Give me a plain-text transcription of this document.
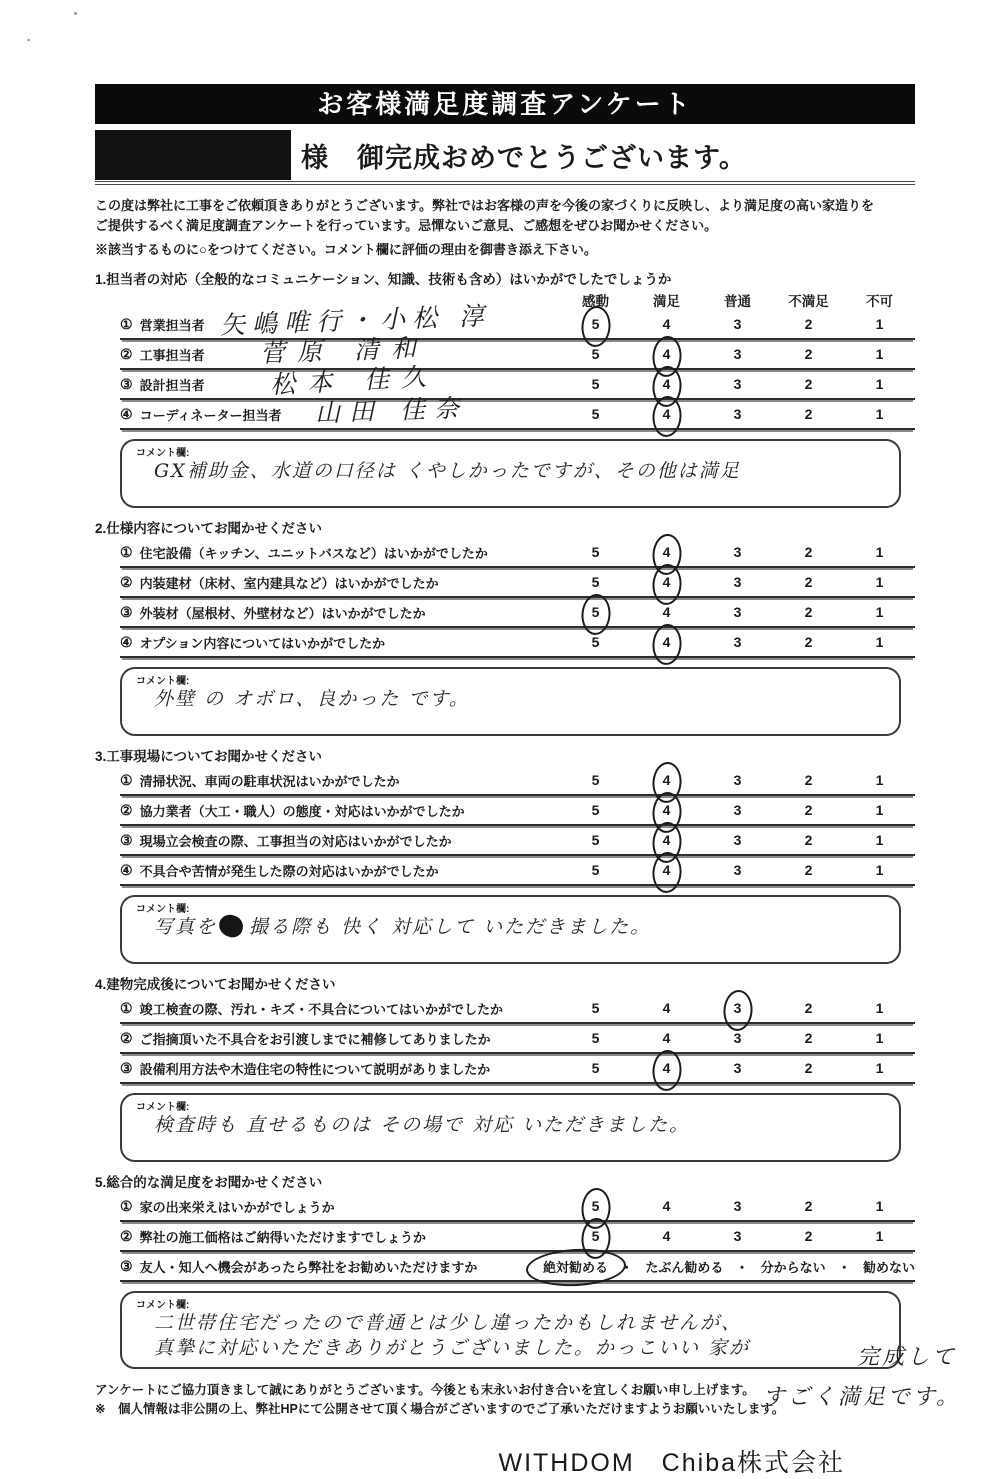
お客様満足度調査アンケート
様　御完成おめでとうございます。
この度は弊社に工事をご依頼頂きありがとうございます。弊社ではお客様の声を今後の家づくりに反映し、より満足度の高い家造りを
ご提供するべく満足度調査アンケートを行っています。忌憚ないご意見、ご感想をぜひお聞かせください。
※該当するものに○をつけてください。コメント欄に評価の理由を御書き添え下さい。
1.担当者の対応（全般的なコミュニケーション、知識、技術も含め）はいかがでしたでしょうか
感動	満足	普通	不満足	不可
① 営業担当者 矢嶋唯行・小松 淳	5	4	3	2	1
② 工事担当者	菅原 清和	5	4	3	2	1
③ 設計担当者	松本 佳久	5	4	3	2	1
④ コーディネーター担当者	山田 佳奈	5	4	3	2	1
コメント欄:
GX補助金、水道の口径は くやしかったですが、その他は満足
2.仕様内容についてお聞かせください
① 住宅設備（キッチン、ユニットバスなど）はいかがでしたか	5	4	3	2	1
② 内装建材（床材、室内建具など）はいかがでしたか	5	4	3	2	1
③ 外装材（屋根材、外壁材など）はいかがでしたか	5	4	3	2	1
④ オプション内容についてはいかがでしたか	5	4	3	2	1
コメント欄:
外壁 の オボロ、良かった です。
3.工事現場についてお聞かせください
① 清掃状況、車両の駐車状況はいかがでしたか	5	4	3	2	1
② 協力業者（大工・職人）の態度・対応はいかがでしたか	5	4	3	2	1
③ 現場立会検査の際、工事担当の対応はいかがでしたか	5	4	3	2	1
④ 不具合や苦情が発生した際の対応はいかがでしたか	5	4	3	2	1
コメント欄:
写真を 撮る際も 快く 対応して いただきました。
4.建物完成後についてお聞かせください
① 竣工検査の際、汚れ・キズ・不具合についてはいかがでしたか	5	4	3	2	1
② ご指摘頂いた不具合をお引渡しまでに補修してありましたか	5	4	3	2	1
③ 設備利用方法や木造住宅の特性について説明がありましたか	5	4	3	2	1
コメント欄:
検査時も 直せるものは その場で 対応 いただきました。
5.総合的な満足度をお聞かせください
① 家の出来栄えはいかがでしょうか	5	4	3	2	1
② 弊社の施工価格はご納得いただけますでしょうか	5	4	3	2	1
③ 友人・知人へ機会があったら弊社をお勧めいただけますか	絶対勧める ・ たぶん勧める ・ 分からない ・ 勧めない
コメント欄:
二世帯住宅だったので普通とは少し違ったかもしれませんが、
真摯に対応いただきありがとうございました。かっこいい 家が	完成して
すごく満足です。
アンケートにご協力頂きまして誠にありがとうございます。今後とも末永いお付き合いを宜しくお願い申し上げます。
※　個人情報は非公開の上、弊社HPにて公開させて頂く場合がございますのでご了承いただけますようお願いいたします。
WITHDOM　Chiba株式会社
